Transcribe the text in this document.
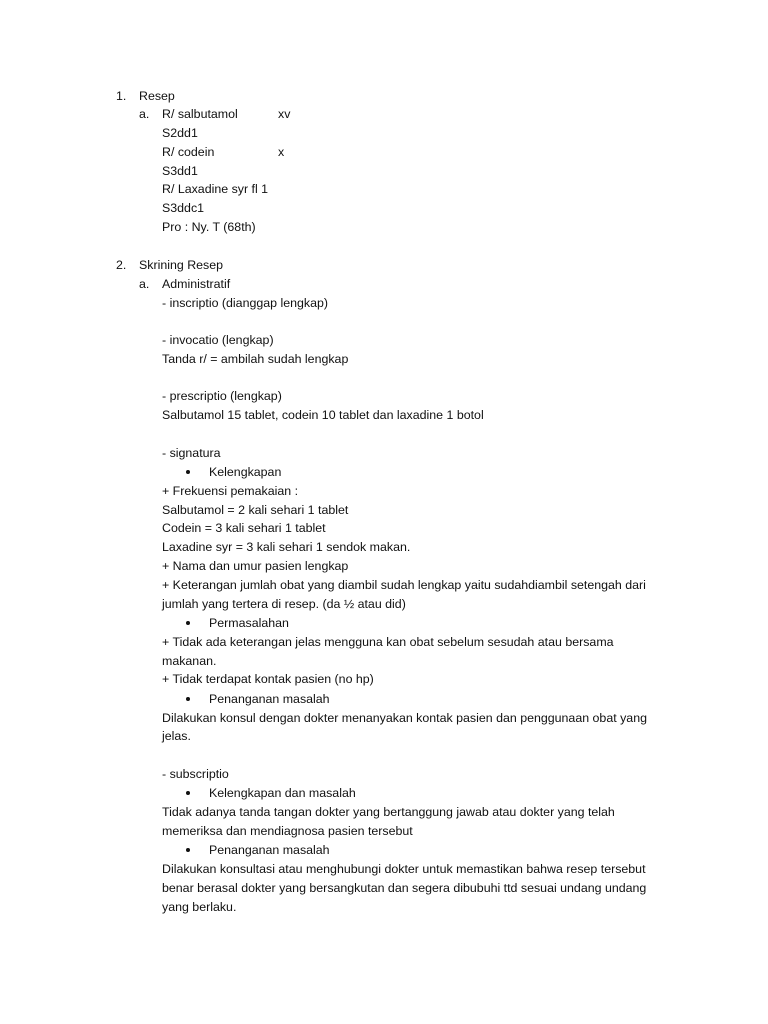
1. Resep
a. R/ salbutamol	xv
S2dd1
R/ codein	x
S3dd1
R/ Laxadine syr fl 1
S3ddc1
Pro : Ny. T (68th)
2. Skrining Resep
a. Administratif
- inscriptio (dianggap lengkap)
- invocatio (lengkap)
Tanda r/ = ambilah sudah lengkap
- prescriptio (lengkap)
Salbutamol 15 tablet, codein 10 tablet dan laxadine 1 botol
- signatura
Kelengkapan
+ Frekuensi pemakaian :
Salbutamol = 2 kali sehari 1 tablet
Codein = 3 kali sehari 1 tablet
Laxadine syr = 3 kali sehari 1 sendok makan.
+ Nama dan umur pasien lengkap
+ Keterangan jumlah obat yang diambil sudah lengkap yaitu sudahdiambil setengah dari
jumlah yang tertera di resep. (da ½ atau did)
Permasalahan
+ Tidak ada keterangan jelas mengguna kan obat sebelum sesudah atau bersama
makanan.
+ Tidak terdapat kontak pasien (no hp)
Penanganan masalah
Dilakukan konsul dengan dokter menanyakan kontak pasien dan penggunaan obat yang
jelas.
- subscriptio
Kelengkapan dan masalah
Tidak adanya tanda tangan dokter yang bertanggung jawab atau dokter yang telah
memeriksa dan mendiagnosa pasien tersebut
Penanganan masalah
Dilakukan konsultasi atau menghubungi dokter untuk memastikan bahwa resep tersebut
benar berasal dokter yang bersangkutan dan segera dibubuhi ttd sesuai undang undang
yang berlaku.
